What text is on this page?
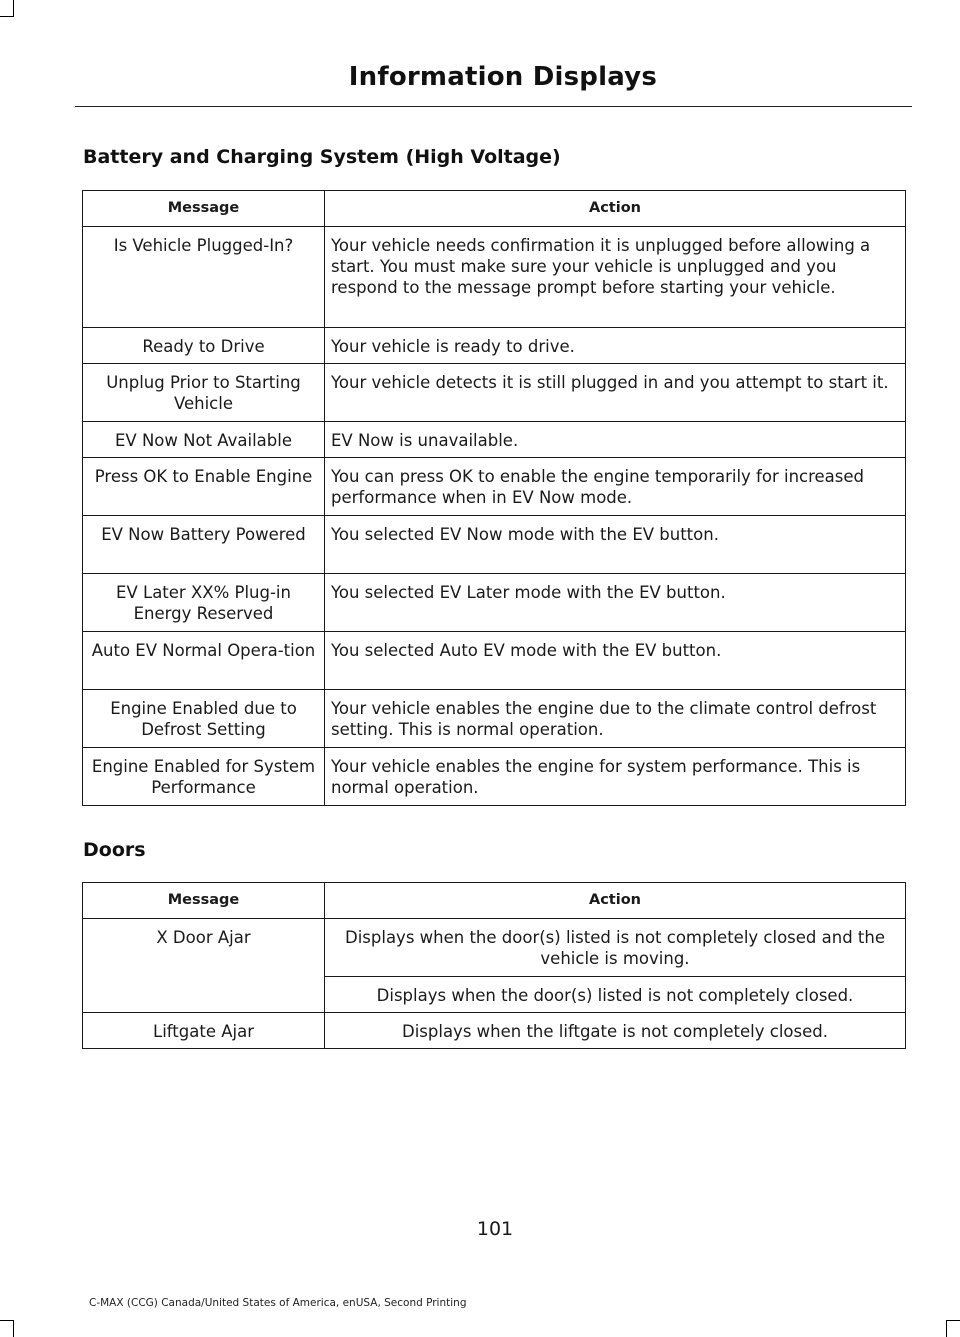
Information Displays
Battery and Charging System (High Voltage)
Message	Action
Is Vehicle Plugged-In?	Your vehicle needs confirmation it is unplugged before allowing a start. You must make sure your vehicle is unplugged and you respond to the message prompt before starting your vehicle.
Ready to Drive	Your vehicle is ready to drive.
Unplug Prior to Starting Vehicle	Your vehicle detects it is still plugged in and you attempt to start it.
EV Now Not Available	EV Now is unavailable.
Press OK to Enable Engine	You can press OK to enable the engine temporarily for increased performance when in EV Now mode.
EV Now Battery Powered	You selected EV Now mode with the EV button.
EV Later XX% Plug-in Energy Reserved	You selected EV Later mode with the EV button.
Auto EV Normal Opera-tion	You selected Auto EV mode with the EV button.
Engine Enabled due to Defrost Setting	Your vehicle enables the engine due to the climate control defrost setting. This is normal operation.
Engine Enabled for System Performance	Your vehicle enables the engine for system performance. This is normal operation.
Doors
Message	Action
X Door Ajar	Displays when the door(s) listed is not completely closed and the vehicle is moving.
	Displays when the door(s) listed is not completely closed.
Liftgate Ajar	Displays when the liftgate is not completely closed.
101
C-MAX (CCG) Canada/United States of America, enUSA, Second Printing
